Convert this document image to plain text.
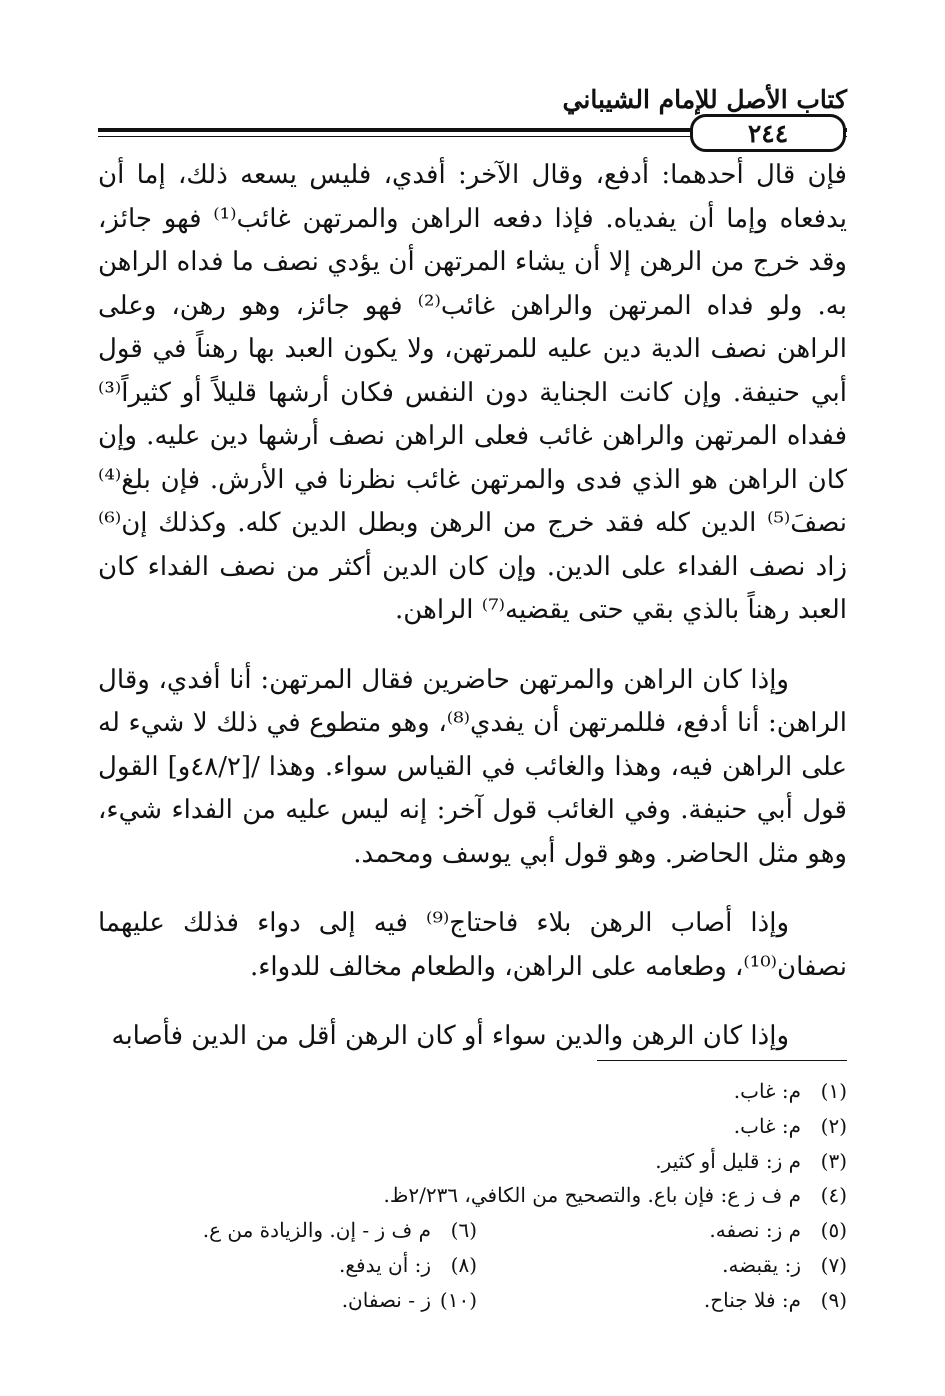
كتاب الأصل للإمام الشيباني
٢٤٤

فإن قال أحدهما: أدفع، وقال الآخر: أفدي، فليس يسعه ذلك، إما أن يدفعاه وإما أن يفدياه. فإذا دفعه الراهن والمرتهن غائب⁽¹⁾ فهو جائز، وقد خرج من الرهن إلا أن يشاء المرتهن أن يؤدي نصف ما فداه الراهن به. ولو فداه المرتهن والراهن غائب⁽²⁾ فهو جائز، وهو رهن، وعلى الراهن نصف الدية دين عليه للمرتهن، ولا يكون العبد بها رهناً في قول أبي حنيفة. وإن كانت الجناية دون النفس فكان أرشها قليلاً أو كثيراً⁽³⁾ ففداه المرتهن والراهن غائب فعلى الراهن نصف أرشها دين عليه. وإن كان الراهن هو الذي فدى والمرتهن غائب نظرنا في الأرش. فإن بلغ⁽⁴⁾ نصفَ⁽⁵⁾ الدين كله فقد خرج من الرهن وبطل الدين كله. وكذلك إن⁽⁶⁾ زاد نصف الفداء على الدين. وإن كان الدين أكثر من نصف الفداء كان العبد رهناً بالذي بقي حتى يقضيه⁽⁷⁾ الراهن.

وإذا كان الراهن والمرتهن حاضرين فقال المرتهن: أنا أفدي، وقال الراهن: أنا أدفع، فللمرتهن أن يفدي⁽⁸⁾، وهو متطوع في ذلك لا شيء له على الراهن فيه، وهذا والغائب في القياس سواء. وهذا /[٤٨/٢و] القول قول أبي حنيفة. وفي الغائب قول آخر: إنه ليس عليه من الفداء شيء، وهو مثل الحاضر. وهو قول أبي يوسف ومحمد.

وإذا أصاب الرهن بلاء فاحتاج⁽⁹⁾ فيه إلى دواء فذلك عليهما نصفان⁽¹⁰⁾، وطعامه على الراهن، والطعام مخالف للدواء.

وإذا كان الرهن والدين سواء أو كان الرهن أقل من الدين فأصابه

(١)م: غاب.
(٢)م: غاب.
(٣)م ز: قليل أو كثير.
(٤)م ف ز ع: فإن باع. والتصحيح من الكافي، ٢/٢٣٦ظ.
(٥)م ز: نصفه.
(٦)م ف ز - إن. والزيادة من ع.
(٧)ز: يقبضه.
(٨)ز: أن يدفع.
(٩)م: فلا جناح.
(١٠)ز - نصفان.
